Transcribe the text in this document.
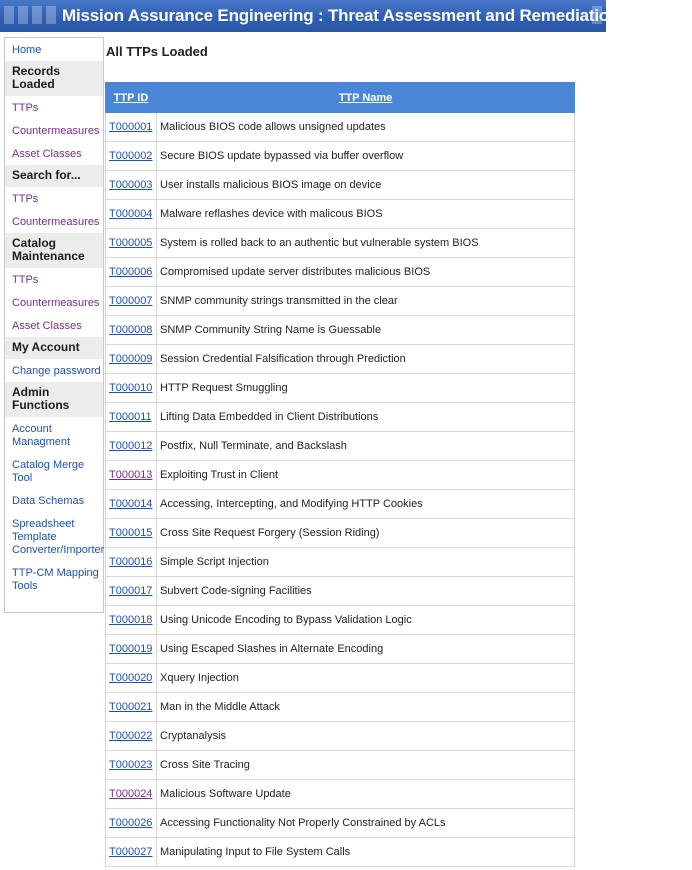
Mission Assurance Engineering : Threat Assessment and Remediation Analysis
Home
Records Loaded
TTPs
Countermeasures
Asset Classes
Search for...
TTPs
Countermeasures
Catalog Maintenance
TTPs
Countermeasures
Asset Classes
My Account
Change password
Admin Functions
Account Managment
Catalog Merge Tool
Data Schemas
Spreadsheet Template Converter/Importer
TTP-CM Mapping Tools
All TTPs Loaded
TTP ID	TTP Name
T000001	Malicious BIOS code allows unsigned updates
T000002	Secure BIOS update bypassed via buffer overflow
T000003	User installs malicious BIOS image on device
T000004	Malware reflashes device with malicous BIOS
T000005	System is rolled back to an authentic but vulnerable system BIOS
T000006	Compromised update server distributes malicious BIOS
T000007	SNMP community strings transmitted in the clear
T000008	SNMP Community String Name is Guessable
T000009	Session Credential Falsification through Prediction
T000010	HTTP Request Smuggling
T000011	Lifting Data Embedded in Client Distributions
T000012	Postfix, Null Terminate, and Backslash
T000013	Exploiting Trust in Client
T000014	Accessing, Intercepting, and Modifying HTTP Cookies
T000015	Cross Site Request Forgery (Session Riding)
T000016	Simple Script Injection
T000017	Subvert Code-signing Facilities
T000018	Using Unicode Encoding to Bypass Validation Logic
T000019	Using Escaped Slashes in Alternate Encoding
T000020	Xquery Injection
T000021	Man in the Middle Attack
T000022	Cryptanalysis
T000023	Cross Site Tracing
T000024	Malicious Software Update
T000026	Accessing Functionality Not Properly Constrained by ACLs
T000027	Manipulating Input to File System Calls
